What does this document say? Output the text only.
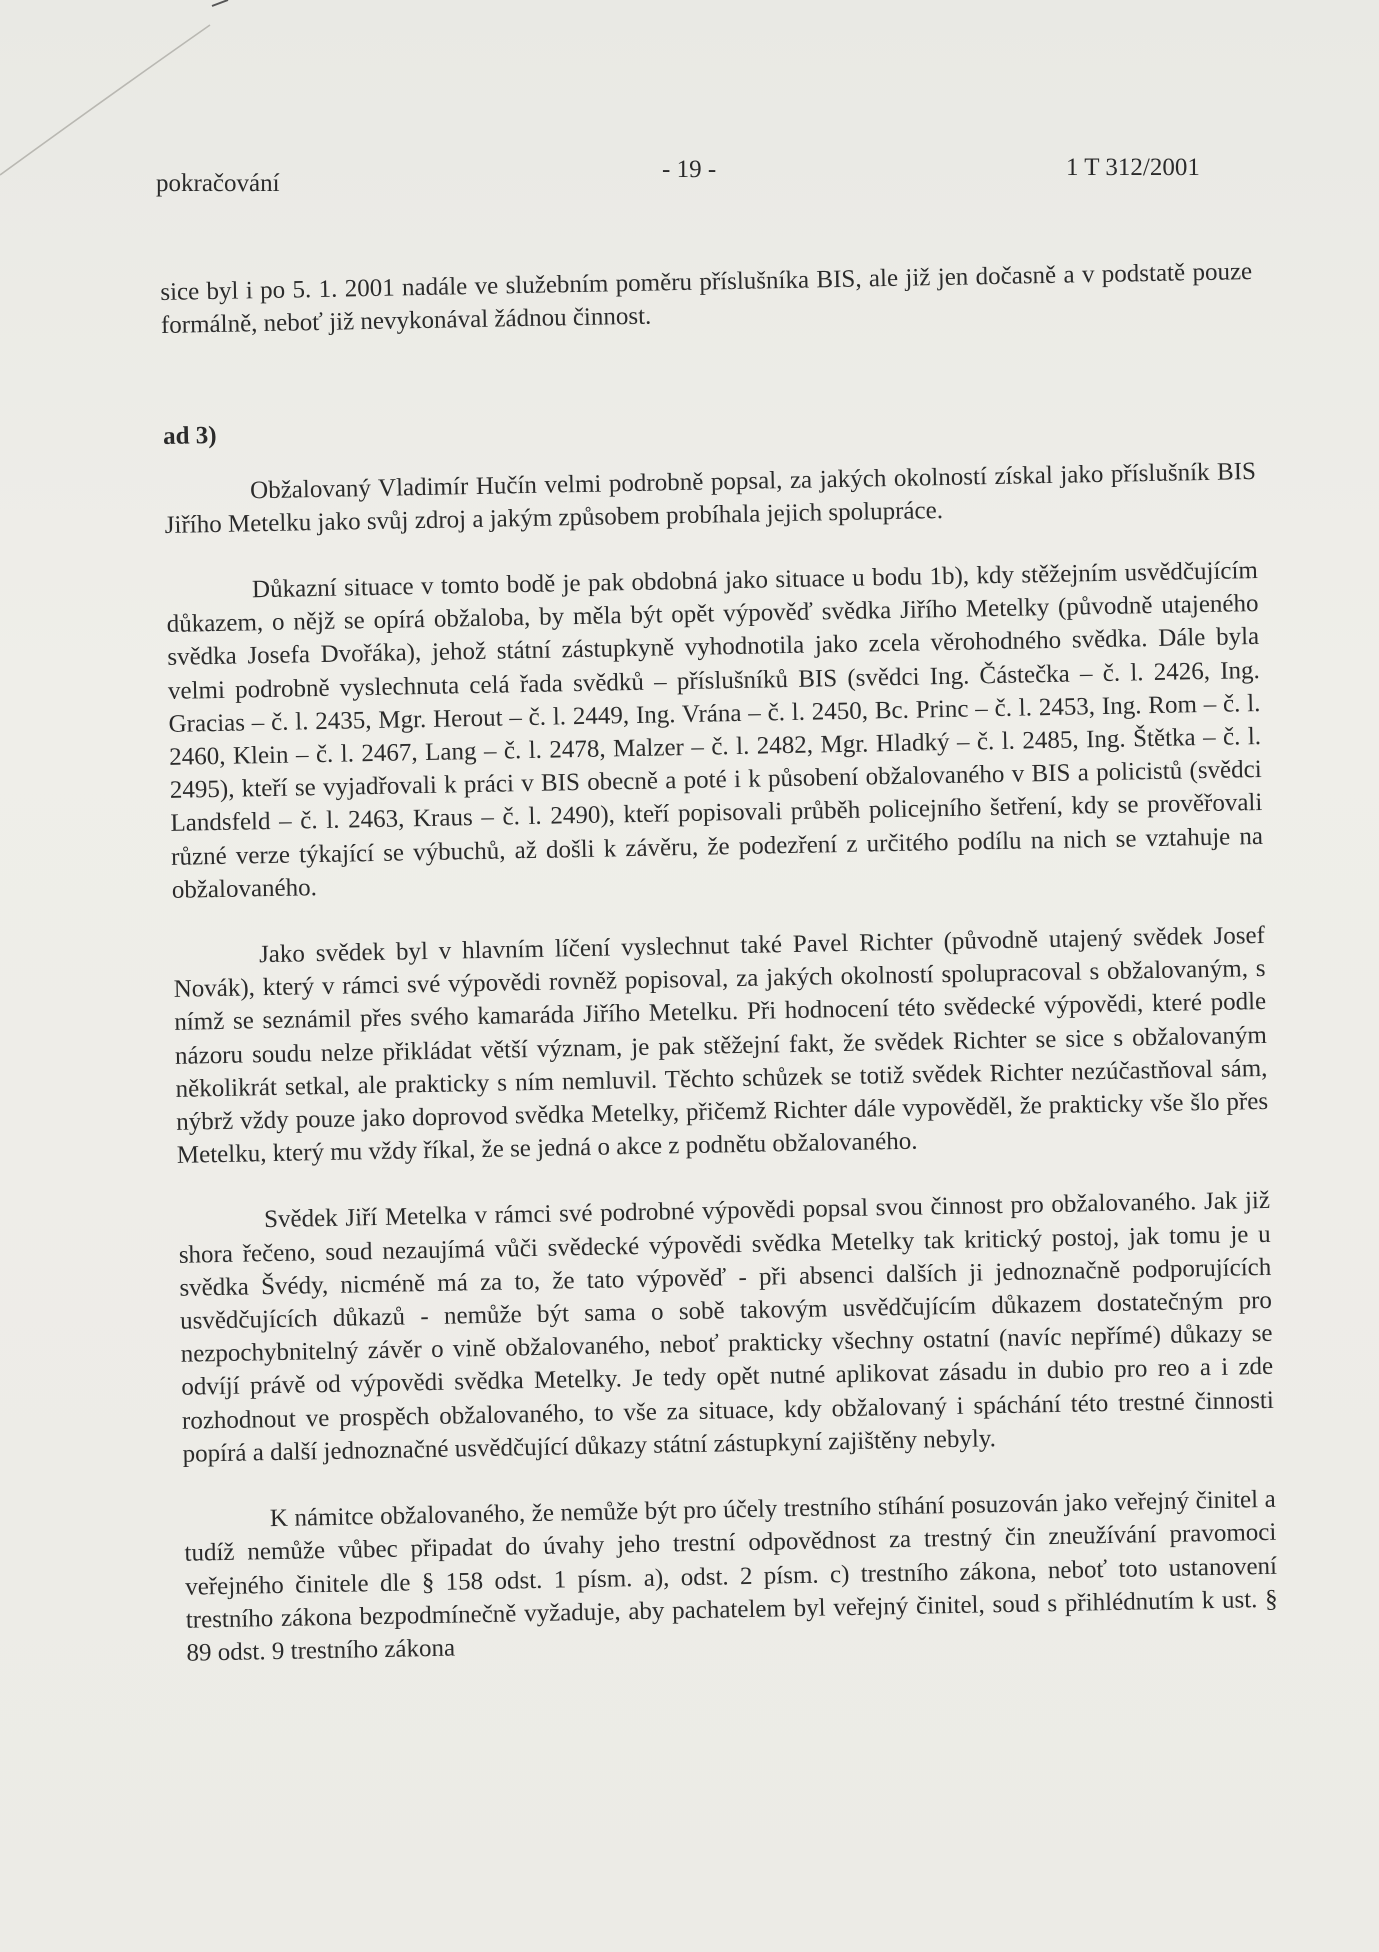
pokračování
- 19 -	1 T 312/2001

sice byl i po 5. 1. 2001 nadále ve služebním poměru příslušníka BIS, ale již jen dočasně a v podstatě pouze formálně, neboť již nevykonával žádnou činnost.

ad 3)

Obžalovaný Vladimír Hučín velmi podrobně popsal, za jakých okolností získal jako příslušník BIS Jiřího Metelku jako svůj zdroj a jakým způsobem probíhala jejich spolupráce.

Důkazní situace v tomto bodě je pak obdobná jako situace u bodu 1b), kdy stěžejním usvědčujícím důkazem, o nějž se opírá obžaloba, by měla být opět výpověď svědka Jiřího Metelky (původně utajeného svědka Josefa Dvořáka), jehož státní zástupkyně vyhodnotila jako zcela věrohodného svědka. Dále byla velmi podrobně vyslechnuta celá řada svědků – příslušníků BIS (svědci Ing. Částečka – č. l. 2426, Ing. Gracias – č. l. 2435, Mgr. Herout – č. l. 2449, Ing. Vrána – č. l. 2450, Bc. Princ – č. l. 2453, Ing. Rom – č. l. 2460, Klein – č. l. 2467, Lang – č. l. 2478, Malzer – č. l. 2482, Mgr. Hladký – č. l. 2485, Ing. Štětka – č. l. 2495), kteří se vyjadřovali k práci v BIS obecně a poté i k působení obžalovaného v BIS a policistů (svědci Landsfeld – č. l. 2463, Kraus – č. l. 2490), kteří popisovali průběh policejního šetření, kdy se prověřovali různé verze týkající se výbuchů, až došli k závěru, že podezření z určitého podílu na nich se vztahuje na obžalovaného.

Jako svědek byl v hlavním líčení vyslechnut také Pavel Richter (původně utajený svědek Josef Novák), který v rámci své výpovědi rovněž popisoval, za jakých okolností spolupracoval s obžalovaným, s nímž se seznámil přes svého kamaráda Jiřího Metelku. Při hodnocení této svědecké výpovědi, které podle názoru soudu nelze přikládat větší význam, je pak stěžejní fakt, že svědek Richter se sice s obžalovaným několikrát setkal, ale prakticky s ním nemluvil. Těchto schůzek se totiž svědek Richter nezúčastňoval sám, nýbrž vždy pouze jako doprovod svědka Metelky, přičemž Richter dále vypověděl, že prakticky vše šlo přes Metelku, který mu vždy říkal, že se jedná o akce z podnětu obžalovaného.

Svědek Jiří Metelka v rámci své podrobné výpovědi popsal svou činnost pro obžalovaného. Jak již shora řečeno, soud nezaujímá vůči svědecké výpovědi svědka Metelky tak kritický postoj, jak tomu je u svědka Švédy, nicméně má za to, že tato výpověď - při absenci dalších ji jednoznačně podporujících usvědčujících důkazů - nemůže být sama o sobě takovým usvědčujícím důkazem dostatečným pro nezpochybnitelný závěr o vině obžalovaného, neboť prakticky všechny ostatní (navíc nepřímé) důkazy se odvíjí právě od výpovědi svědka Metelky. Je tedy opět nutné aplikovat zásadu in dubio pro reo a i zde rozhodnout ve prospěch obžalovaného, to vše za situace, kdy obžalovaný i spáchání této trestné činnosti popírá a další jednoznačné usvědčující důkazy státní zástupkyní zajištěny nebyly.

K námitce obžalovaného, že nemůže být pro účely trestního stíhání posuzován jako veřejný činitel a tudíž nemůže vůbec připadat do úvahy jeho trestní odpovědnost za trestný čin zneužívání pravomoci veřejného činitele dle § 158 odst. 1 písm. a), odst. 2 písm. c) trestního zákona, neboť toto ustanovení trestního zákona bezpodmínečně vyžaduje, aby pachatelem byl veřejný činitel, soud s přihlédnutím k ust. § 89 odst. 9 trestního zákona
